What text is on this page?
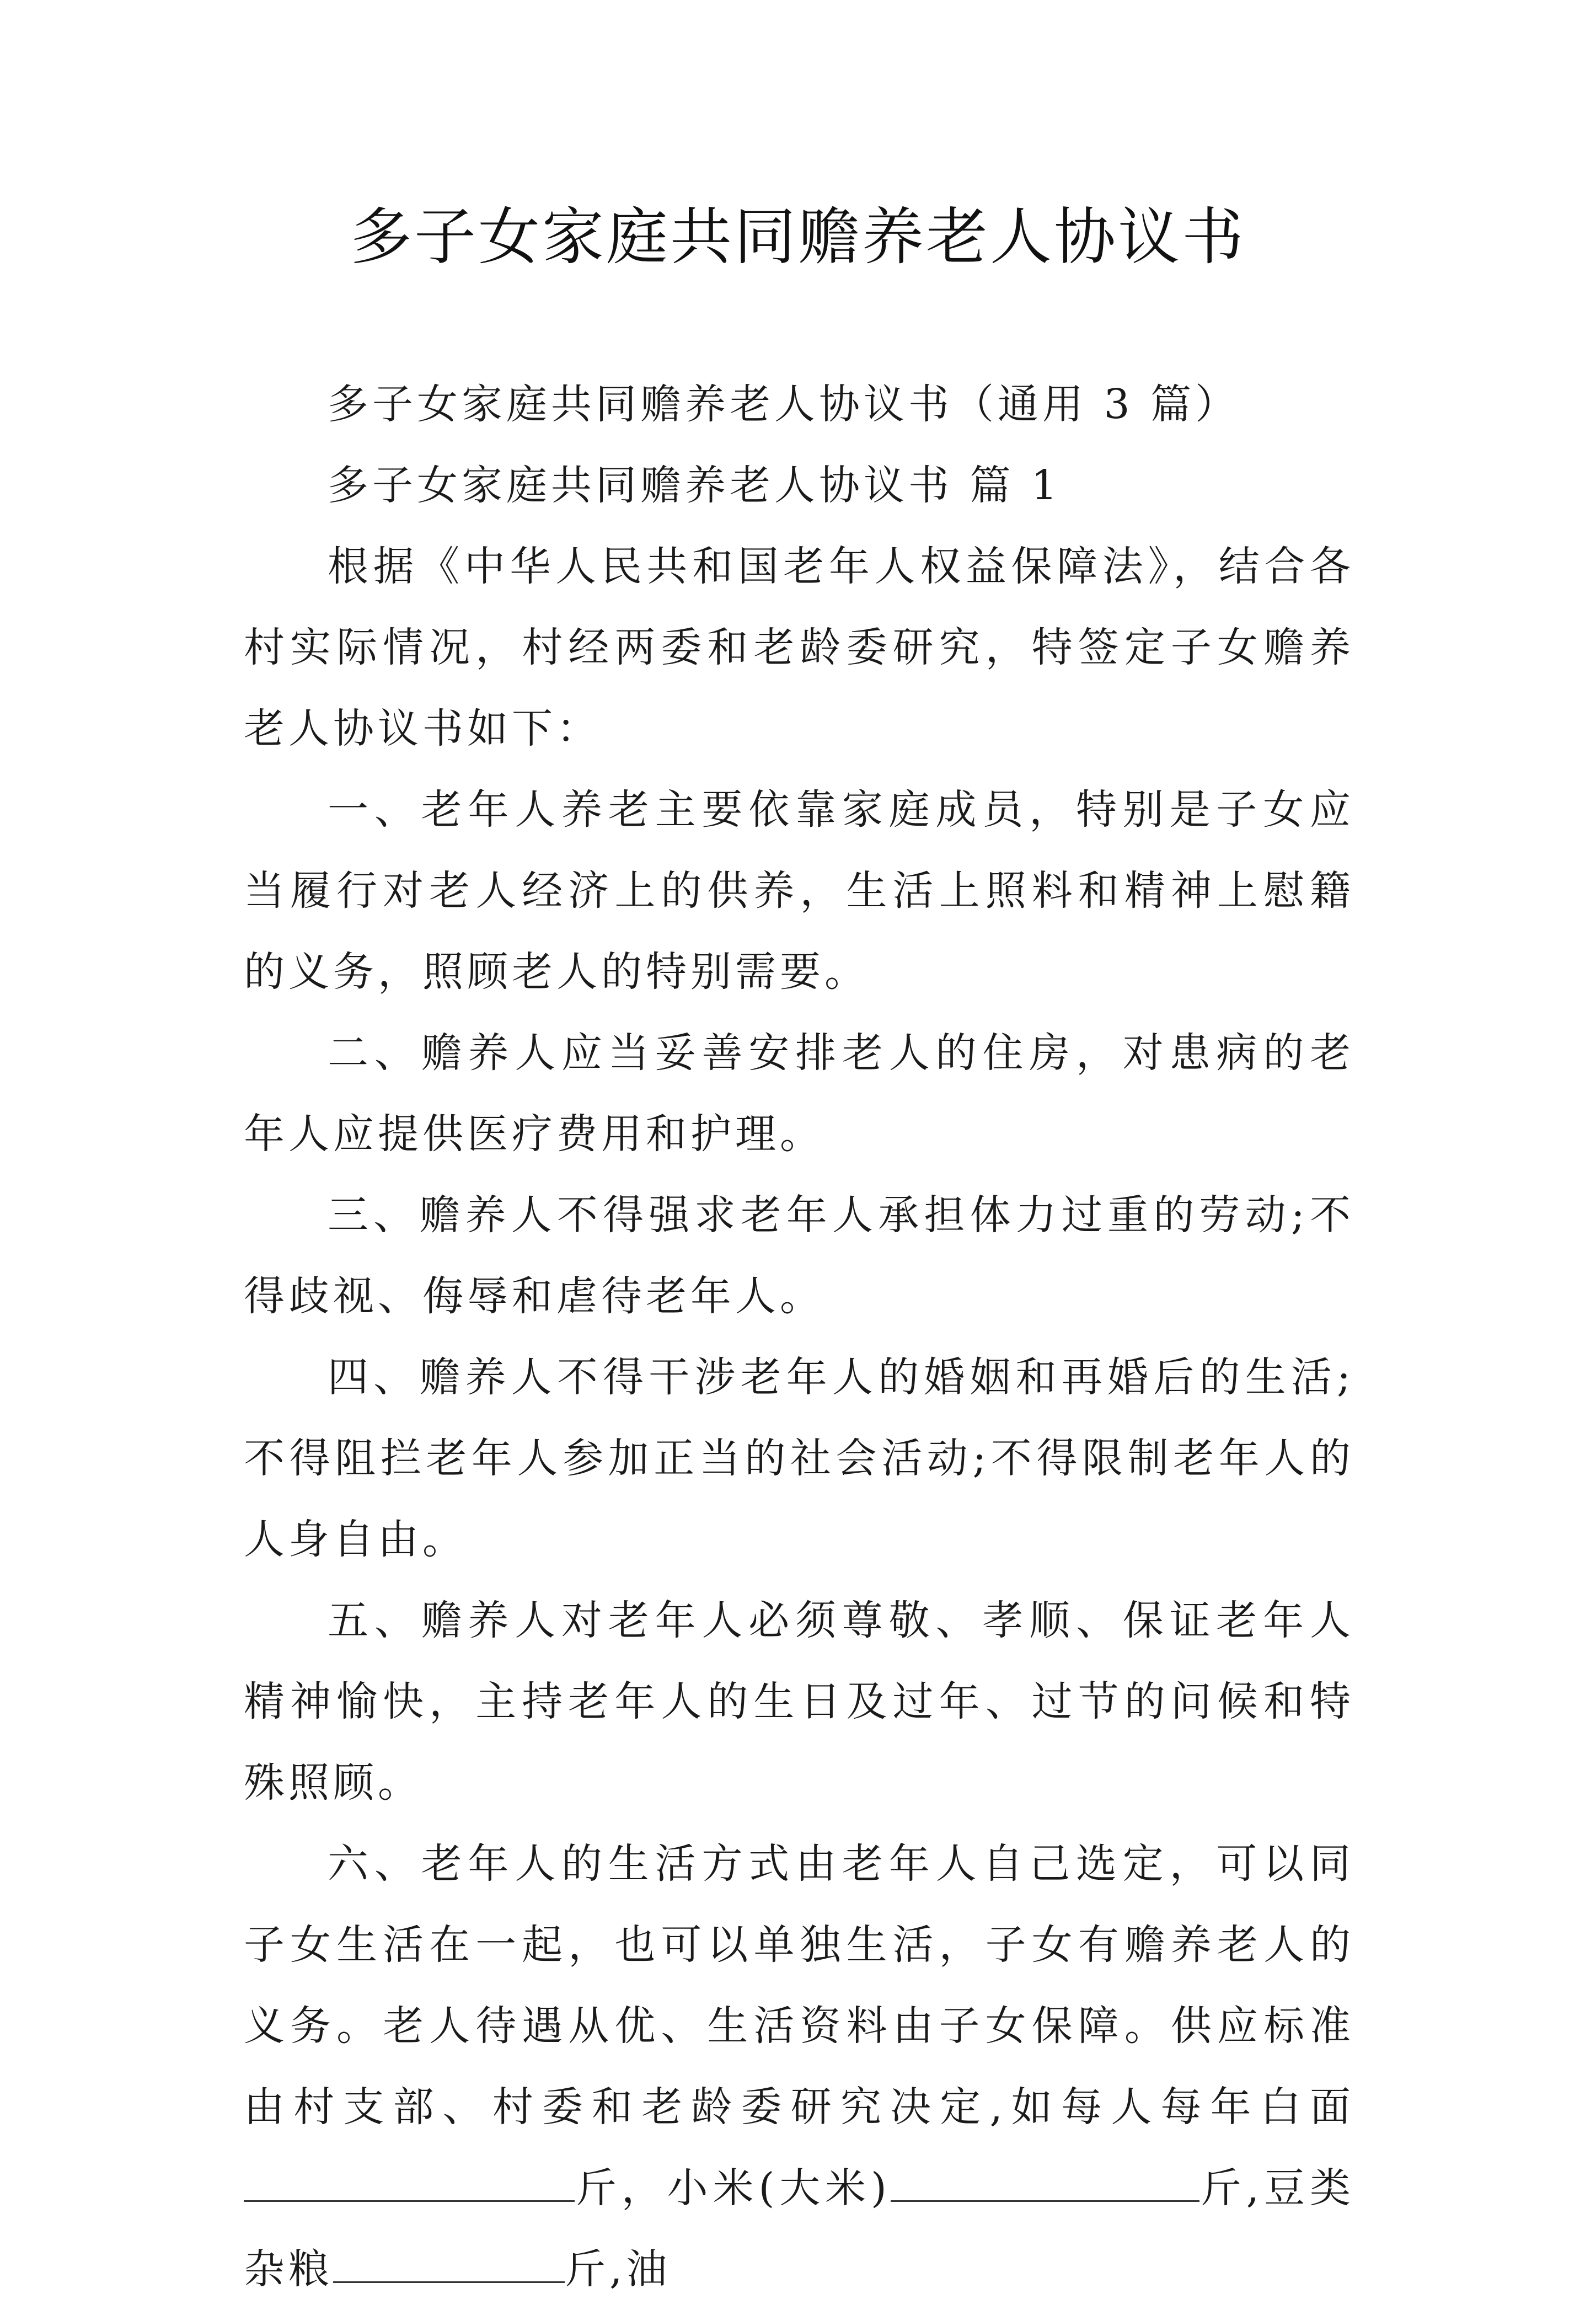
多子女家庭共同赡养老人协议书

多子女家庭共同赡养老人协议书（通用 3 篇）

多子女家庭共同赡养老人协议书 篇 1

根据《中华人民共和国老年人权益保障法》，结合各村实际情况，村经两委和老龄委研究，特签定子女赡养老人协议书如下：

一、老年人养老主要依靠家庭成员，特别是子女应当履行对老人经济上的供养，生活上照料和精神上慰籍的义务，照顾老人的特别需要。

二、赡养人应当妥善安排老人的住房，对患病的老年人应提供医疗费用和护理。

三、赡养人不得强求老年人承担体力过重的劳动;不得歧视、侮辱和虐待老年人。

四、赡养人不得干涉老年人的婚姻和再婚后的生活;不得阻拦老年人参加正当的社会活动;不得限制老年人的人身自由。

五、赡养人对老年人必须尊敬、孝顺、保证老年人精神愉快，主持老年人的生日及过年、过节的问候和特殊照顾。

六、老年人的生活方式由老年人自己选定，可以同子女生活在一起，也可以单独生活，子女有赡养老人的义务。老人待遇从优、生活资料由子女保障。供应标准由村支部、村委和老龄委研究决定,如每人每年白面斤，小米(大米)	斤,豆类杂粮	斤,油
